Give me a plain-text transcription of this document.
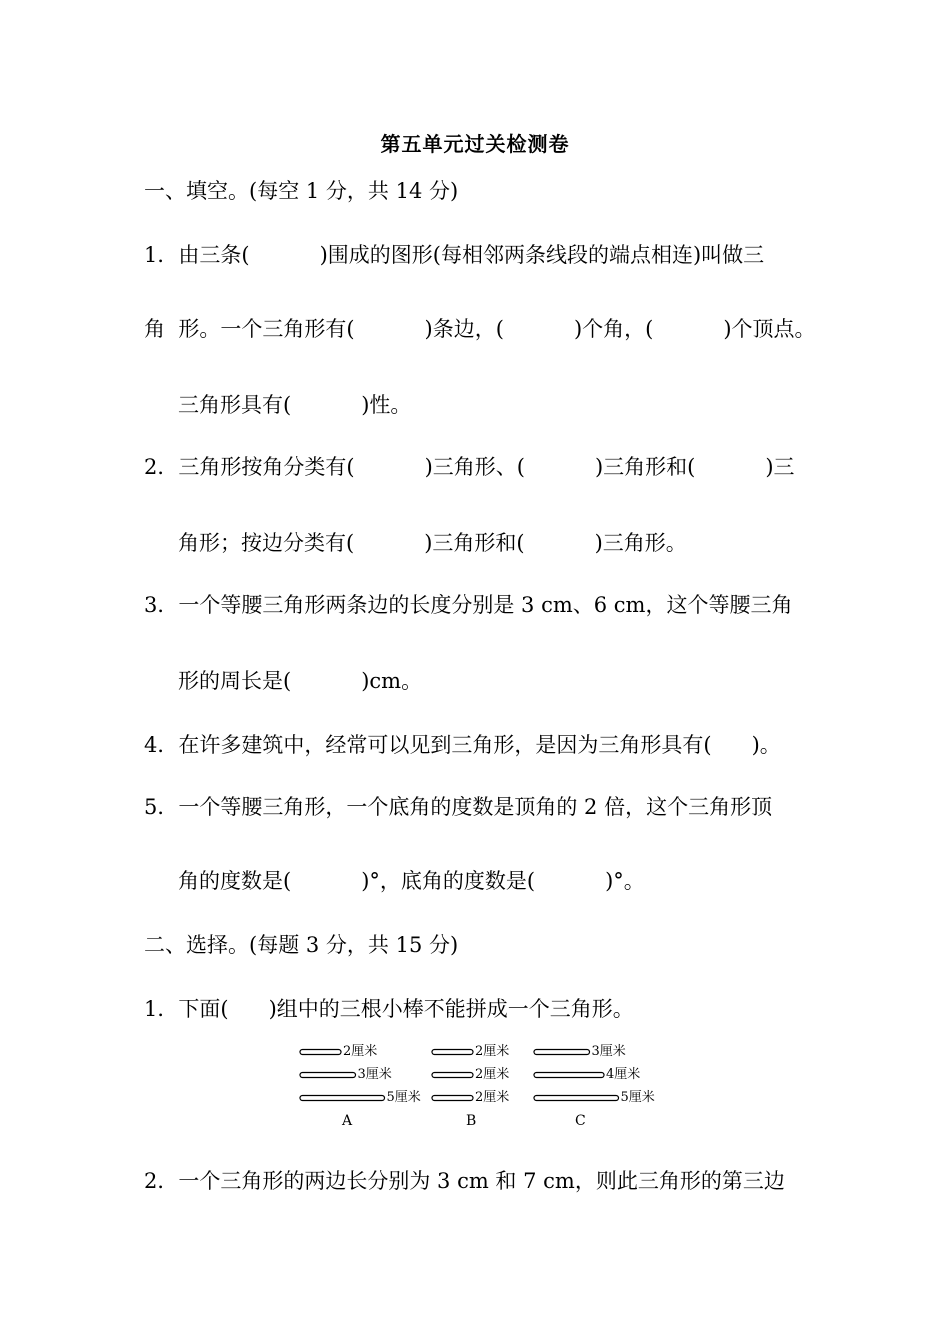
第五单元过关检测卷
一、填空。(每空 1 分，共 14 分)
1．由三条(	)围成的图形(每相邻两条线段的端点相连)叫做三
角  形。一个三角形有(	)条边，(	)个角，(	)个顶点。
三角形具有(	)性。
2．三角形按角分类有(	)三角形、(	)三角形和(	)三
角形；按边分类有(	)三角形和(	)三角形。
3．一个等腰三角形两条边的长度分别是 3 cm、6 cm，这个等腰三角
形的周长是(	)cm。
4．在许多建筑中，经常可以见到三角形，是因为三角形具有( )。
5．一个等腰三角形，一个底角的度数是顶角的 2 倍，这个三角形顶
角的度数是(	)°，底角的度数是(	)°。
二、选择。(每题 3 分，共 15 分)
1．下面( )组中的三根小棒不能拼成一个三角形。
2厘米
3厘米
5厘米
A
2厘米
2厘米
2厘米
B
3厘米
4厘米
5厘米
C
2．一个三角形的两边长分别为 3 cm 和 7 cm，则此三角形的第三边
